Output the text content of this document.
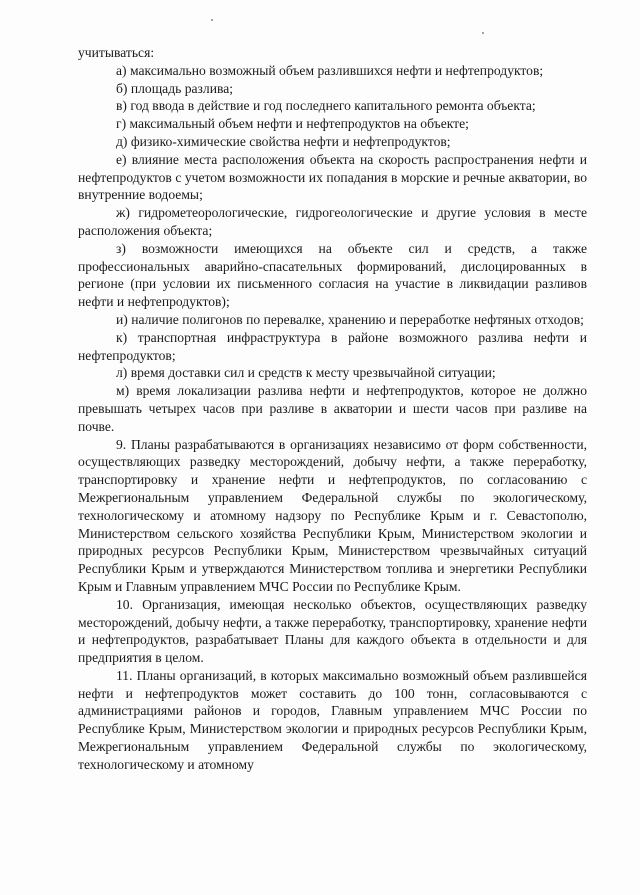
учитываться:

а) максимально возможный объем разлившихся нефти и нефтепродуктов;

б) площадь разлива;

в) год ввода в действие и год последнего капитального ремонта объекта;

г) максимальный объем нефти и нефтепродуктов на объекте;

д) физико-химические свойства нефти и нефтепродуктов;

е) влияние места расположения объекта на скорость распространения нефти и нефтепродуктов с учетом возможности их попадания в морские и речные акватории, во внутренние водоемы;

ж) гидрометеорологические, гидрогеологические и другие условия в месте расположения объекта;

з) возможности имеющихся на объекте сил и средств, а также профессиональных аварийно-спасательных формирований, дислоцированных в регионе (при условии их письменного согласия на участие в ликвидации разливов нефти и нефтепродуктов);

и) наличие полигонов по перевалке, хранению и переработке нефтяных отходов;

к) транспортная инфраструктура в районе возможного разлива нефти и нефтепродуктов;

л) время доставки сил и средств к месту чрезвычайной ситуации;

м) время локализации разлива нефти и нефтепродуктов, которое не должно превышать четырех часов при разливе в акватории и шести часов при разливе на почве.

9. Планы разрабатываются в организациях независимо от форм собственности, осуществляющих разведку месторождений, добычу нефти, а также переработку, транспортировку и хранение нефти и нефтепродуктов, по согласованию с Межрегиональным управлением Федеральной службы по экологическому, технологическому и атомному надзору по Республике Крым и г. Севастополю, Министерством сельского хозяйства Республики Крым, Министерством экологии и природных ресурсов Республики Крым, Министерством чрезвычайных ситуаций Республики Крым и утверждаются Министерством топлива и энергетики Республики Крым и Главным управлением МЧС России по Республике Крым.

10. Организация, имеющая несколько объектов, осуществляющих разведку месторождений, добычу нефти, а также переработку, транспортировку, хранение нефти и нефтепродуктов, разрабатывает Планы для каждого объекта в отдельности и для предприятия в целом.

11. Планы организаций, в которых максимально возможный объем разлившейся нефти и нефтепродуктов может составить до 100 тонн, согласовываются с администрациями районов и городов, Главным управлением МЧС России по Республике Крым, Министерством экологии и природных ресурсов Республики Крым, Межрегиональным управлением Федеральной службы по экологическому, технологическому и атомному
